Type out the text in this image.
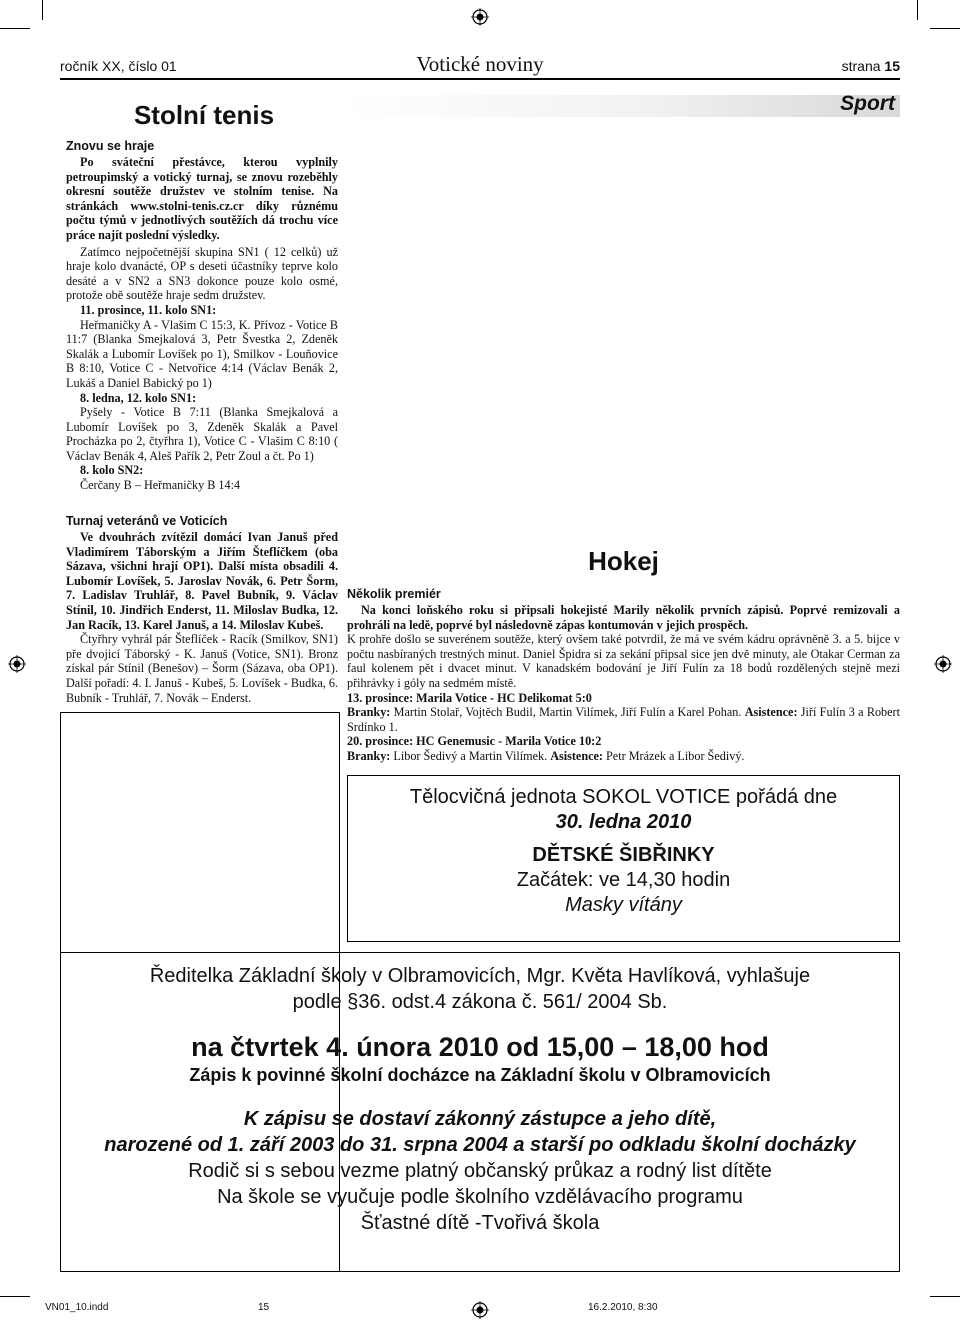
ročník XX, číslo 01	Votické noviny	strana 15
Sport
Stolní tenis

Znovu se hraje

Po sváteční přestávce, kterou vyplnily petroupimský a votický turnaj, se znovu rozeběhly okresní soutěže družstev ve stolním tenise. Na stránkách www.stolni-tenis.cz.cr díky různému počtu týmů v jednotlivých soutěžích dá trochu více práce najít poslední výsledky.

Zatímco nejpočetnější skupina SN1 ( 12 celků) už hraje kolo dvanácté, OP s deseti účastníky teprve kolo desáté a v SN2 a SN3 dokonce pouze kolo osmé, protože obě soutěže hraje sedm družstev.

11. prosince, 11. kolo SN1:

Heřmaničky A - Vlašim C 15:3, K. Přívoz - Votice B 11:7 (Blanka Smejkalová 3, Petr Švestka 2, Zdeněk Skalák a Lubomír Lovíšek po 1), Smilkov - Louňovice B 8:10, Votice C - Netvořice 4:14 (Václav Benák 2, Lukáš a Daniel Babický po 1)

8. ledna, 12. kolo SN1:

Pyšely - Votice B 7:11 (Blanka Smejkalová a Lubomír Lovíšek po 3, Zdeněk Skalák a Pavel Procházka po 2, čtyřhra 1), Votice C - Vlašim C 8:10 ( Václav Benák 4, Aleš Pařík 2, Petr Zoul a čt. Po 1)

8. kolo SN2:

Čerčany B – Heřmaničky B 14:4

Turnaj veteránů ve Voticích

Ve dvouhrách zvítězil domácí Ivan Januš před Vladimírem Táborským a Jiřím Šteflíčkem (oba Sázava, všichni hrají OP1). Další místa obsadili 4. Lubomír Lovíšek, 5. Jaroslav Novák, 6. Petr Šorm, 7. Ladislav Truhlář, 8. Pavel Bubník, 9. Václav Stínil, 10. Jindřich Enderst, 11. Miloslav Budka, 12. Jan Racík, 13. Karel Januš, a 14. Miloslav Kubeš.

Čtyřhry vyhrál pár Šteflíček - Racík (Smilkov, SN1) pře dvojicí Táborský - K. Januš (Votice, SN1). Bronz získal pár Stínil (Benešov) – Šorm (Sázava, oba OP1). Další pořadí: 4. I. Januš - Kubeš, 5. Lovíšek - Budka, 6. Bubník - Truhlář, 7. Novák – Enderst.

Hokej

Několik premiér

Na konci loňského roku si připsali hokejisté Marily několik prvních zápisů. Poprvé remizovali a prohráli na ledě, poprvé byl následovně zápas kontumován v jejich prospěch.

K prohře došlo se suverénem soutěže, který ovšem také potvrdil, že má ve svém kádru oprávněně 3. a 5. bijce v počtu nasbíraných trestných minut. Daniel Špidra si za sekání připsal sice jen dvě minuty, ale Otakar Cerman za faul kolenem pět i dvacet minut. V kanadském bodování je Jiří Fulín za 18 bodů rozdělených stejně mezi přihrávky i góly na sedmém místě.

13. prosince: Marila Votice - HC Delikomat 5:0

Branky: Martin Stolař, Vojtěch Budil, Martin Vilímek, Jiří Fulín a Karel Pohan. Asistence: Jiří Fulín 3 a Robert Srdínko 1.

20. prosince: HC Genemusic - Marila Votice 10:2

Branky: Libor Šedivý a Martin Vilímek. Asistence: Petr Mrázek a Libor Šedivý.

Tělocvičná jednota SOKOL VOTICE pořádá dne
30. ledna 2010
DĚTSKÉ ŠIBŘINKY
Začátek: ve 14,30 hodin
Masky vítány
Ředitelka Základní školy v Olbramovicích, Mgr. Květa Havlíková, vyhlašuje
podle §36. odst.4 zákona č. 561/ 2004 Sb.
na čtvrtek 4. února 2010 od 15,00 – 18,00 hod
Zápis k povinné školní docházce na Základní školu v Olbramovicích
K zápisu se dostaví zákonný zástupce a jeho dítě,
narozené od 1. září 2003 do 31. srpna 2004 a starší po odkladu školní docházky
Rodič si s sebou vezme platný občanský průkaz a rodný list dítěte
Na škole se vyučuje podle školního vzdělávacího programu
Šťastné dítě -Tvořivá škola
VN01_10.indd	15	16.2.2010, 8:30
